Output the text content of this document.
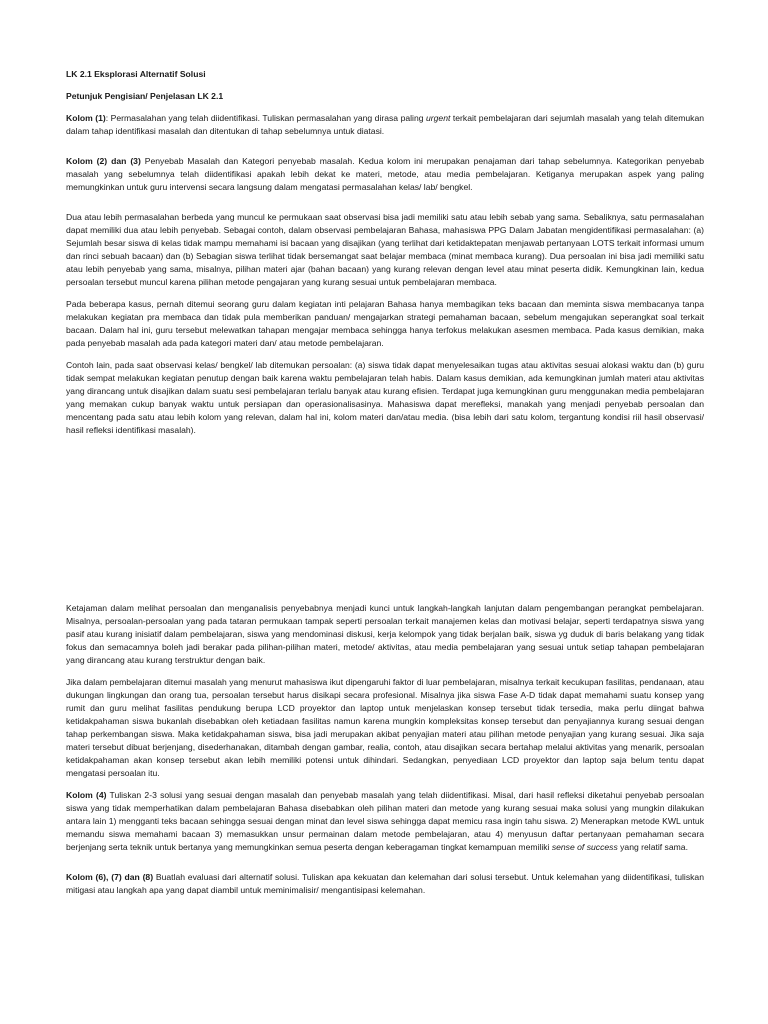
LK 2.1 Eksplorasi Alternatif Solusi

Petunjuk Pengisian/ Penjelasan LK 2.1

Kolom (1): Permasalahan yang telah diidentifikasi. Tuliskan permasalahan yang dirasa paling urgent terkait pembelajaran dari sejumlah masalah yang telah ditemukan dalam tahap identifikasi masalah dan ditentukan di tahap sebelumnya untuk diatasi.

Kolom (2) dan (3) Penyebab Masalah dan Kategori penyebab masalah. Kedua kolom ini merupakan penajaman dari tahap sebelumnya. Kategorikan penyebab masalah yang sebelumnya telah diidentifikasi apakah lebih dekat ke materi, metode, atau media pembelajaran. Ketiganya merupakan aspek yang paling memungkinkan untuk guru intervensi secara langsung dalam mengatasi permasalahan kelas/ lab/ bengkel.

Dua atau lebih permasalahan berbeda yang muncul ke permukaan saat observasi bisa jadi memiliki satu atau lebih sebab yang sama. Sebaliknya, satu permasalahan dapat memiliki dua atau lebih penyebab. Sebagai contoh, dalam observasi pembelajaran Bahasa, mahasiswa PPG Dalam Jabatan mengidentifikasi permasalahan: (a) Sejumlah besar siswa di kelas tidak mampu memahami isi bacaan yang disajikan (yang terlihat dari ketidaktepatan menjawab pertanyaan LOTS terkait informasi umum dan rinci sebuah bacaan) dan (b) Sebagian siswa terlihat tidak bersemangat saat belajar membaca (minat membaca kurang). Dua persoalan ini bisa jadi memiliki satu atau lebih penyebab yang sama, misalnya, pilihan materi ajar (bahan bacaan) yang kurang relevan dengan level atau minat peserta didik. Kemungkinan lain, kedua persoalan tersebut muncul karena pilihan metode pengajaran yang kurang sesuai untuk pembelajaran membaca.

Pada beberapa kasus, pernah ditemui seorang guru dalam kegiatan inti pelajaran Bahasa hanya membagikan teks bacaan dan meminta siswa membacanya tanpa melakukan kegiatan pra membaca dan tidak pula memberikan panduan/ mengajarkan strategi pemahaman bacaan, sebelum mengajukan seperangkat soal terkait bacaan. Dalam hal ini, guru tersebut melewatkan tahapan mengajar membaca sehingga hanya terfokus melakukan asesmen membaca. Pada kasus demikian, maka pada penyebab masalah ada pada kategori materi dan/ atau metode pembelajaran.

Contoh lain, pada saat observasi kelas/ bengkel/ lab ditemukan persoalan: (a) siswa tidak dapat menyelesaikan tugas atau aktivitas sesuai alokasi waktu dan (b) guru tidak sempat melakukan kegiatan penutup dengan baik karena waktu pembelajaran telah habis. Dalam kasus demikian, ada kemungkinan jumlah materi atau aktivitas yang dirancang untuk disajikan dalam suatu sesi pembelajaran terlalu banyak atau kurang efisien. Terdapat juga kemungkinan guru menggunakan media pembelajaran yang memakan cukup banyak waktu untuk persiapan dan operasionalisasinya. Mahasiswa dapat merefleksi, manakah yang menjadi penyebab persoalan dan mencentang pada satu atau lebih kolom yang relevan, dalam hal ini, kolom materi dan/atau media. (bisa lebih dari satu kolom, tergantung kondisi riil hasil observasi/ hasil refleksi identifikasi masalah).

Ketajaman dalam melihat persoalan dan menganalisis penyebabnya menjadi kunci untuk langkah-langkah lanjutan dalam pengembangan perangkat pembelajaran. Misalnya, persoalan-persoalan yang pada tataran permukaan tampak seperti persoalan terkait manajemen kelas dan motivasi belajar, seperti terdapatnya siswa yang pasif atau kurang inisiatif dalam pembelajaran, siswa yang mendominasi diskusi, kerja kelompok yang tidak berjalan baik, siswa yg duduk di baris belakang yang tidak fokus dan semacamnya boleh jadi berakar pada pilihan-pilihan materi, metode/ aktivitas, atau media pembelajaran yang sesuai untuk setiap tahapan pembelajaran yang dirancang atau kurang terstruktur dengan baik.

Jika dalam pembelajaran ditemui masalah yang menurut mahasiswa ikut dipengaruhi faktor di luar pembelajaran, misalnya terkait kecukupan fasilitas, pendanaan, atau dukungan lingkungan dan orang tua, persoalan tersebut harus disikapi secara profesional. Misalnya jika siswa Fase A-D tidak dapat memahami suatu konsep yang rumit dan guru melihat fasilitas pendukung berupa LCD proyektor dan laptop untuk menjelaskan konsep tersebut tidak tersedia, maka perlu diingat bahwa ketidakpahaman siswa bukanlah disebabkan oleh ketiadaan fasilitas namun karena mungkin kompleksitas konsep tersebut dan penyajiannya kurang sesuai dengan tahap perkembangan siswa. Maka ketidakpahaman siswa, bisa jadi merupakan akibat penyajian materi atau pilihan metode penyajian yang kurang sesuai. Jika saja materi tersebut dibuat berjenjang, disederhanakan, ditambah dengan gambar, realia, contoh, atau disajikan secara bertahap melalui aktivitas yang menarik, persoalan ketidakpahaman akan konsep tersebut akan lebih memiliki potensi untuk dihindari. Sedangkan, penyediaan LCD proyektor dan laptop saja belum tentu dapat mengatasi persoalan itu.

Kolom (4) Tuliskan 2-3 solusi yang sesuai dengan masalah dan penyebab masalah yang telah diidentifikasi. Misal, dari hasil refleksi diketahui penyebab persoalan siswa yang tidak memperhatikan dalam pembelajaran Bahasa disebabkan oleh pilihan materi dan metode yang kurang sesuai maka solusi yang mungkin dilakukan antara lain 1) mengganti teks bacaan sehingga sesuai dengan minat dan level siswa sehingga dapat memicu rasa ingin tahu siswa. 2) Menerapkan metode KWL untuk memandu siswa memahami bacaan 3) memasukkan unsur permainan dalam metode pembelajaran, atau 4) menyusun daftar pertanyaan pemahaman secara berjenjang serta teknik untuk bertanya yang memungkinkan semua peserta dengan keberagaman tingkat kemampuan memiliki sense of success yang relatif sama.

Kolom (6), (7) dan (8) Buatlah evaluasi dari alternatif solusi. Tuliskan apa kekuatan dan kelemahan dari solusi tersebut. Untuk kelemahan yang diidentifikasi, tuliskan mitigasi atau langkah apa yang dapat diambil untuk meminimalisir/ mengantisipasi kelemahan.
